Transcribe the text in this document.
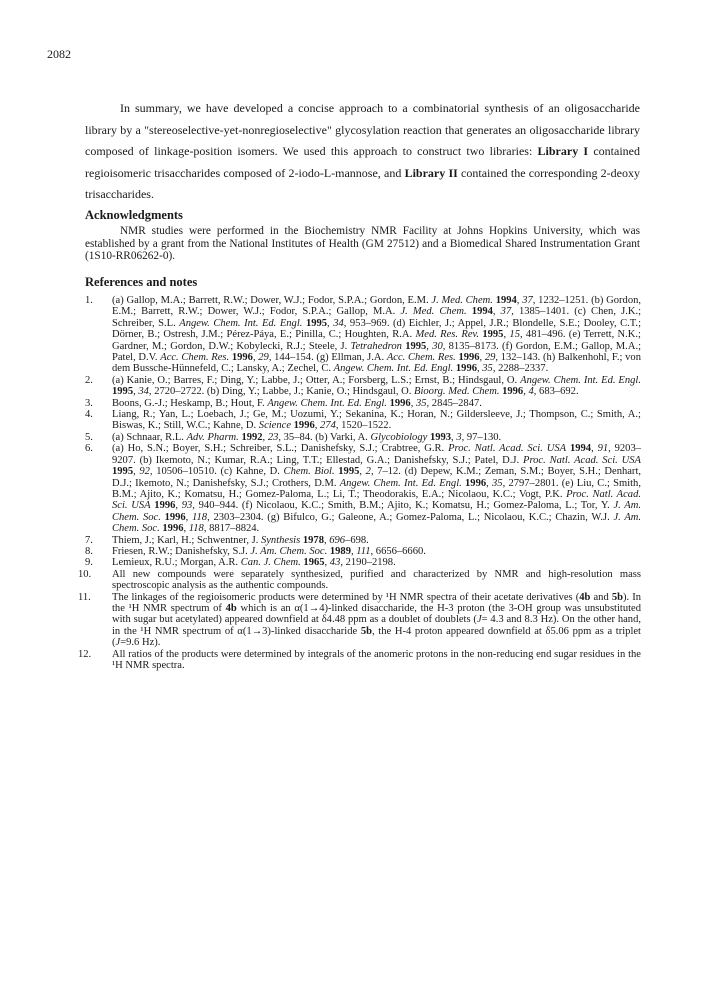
2082

In summary, we have developed a concise approach to a combinatorial synthesis of an oligosaccharide library by a "stereoselective-yet-nonregioselective" glycosylation reaction that generates an oligosaccharide library composed of linkage-position isomers. We used this approach to construct two libraries: Library I contained regioisomeric trisaccharides composed of 2-iodo-L-mannose, and Library II contained the corresponding 2-deoxy trisaccharides.

Acknowledgments

NMR studies were performed in the Biochemistry NMR Facility at Johns Hopkins University, which was established by a grant from the National Institutes of Health (GM 27512) and a Biomedical Shared Instrumentation Grant (1S10-RR06262-0).

References and notes
1. (a) Gallop, M.A.; Barrett, R.W.; Dower, W.J.; Fodor, S.P.A.; Gordon, E.M. J. Med. Chem. 1994, 37, 1232–1251. (b) Gordon, E.M.; Barrett, R.W.; Dower, W.J.; Fodor, S.P.A.; Gallop, M.A. J. Med. Chem. 1994, 37, 1385–1401. (c) Chen, J.K.; Schreiber, S.L. Angew. Chem. Int. Ed. Engl. 1995, 34, 953–969. (d) Eichler, J.; Appel, J.R.; Blondelle, S.E.; Dooley, C.T.; Dörner, B.; Ostresh, J.M.; Pérez-Páya, E.; Pinilla, C.; Houghten, R.A. Med. Res. Rev. 1995, 15, 481–496. (e) Terrett, N.K.; Gardner, M.; Gordon, D.W.; Kobylecki, R.J.; Steele, J. Tetrahedron 1995, 30, 8135–8173. (f) Gordon, E.M.; Gallop, M.A.; Patel, D.V. Acc. Chem. Res. 1996, 29, 144–154. (g) Ellman, J.A. Acc. Chem. Res. 1996, 29, 132–143. (h) Balkenhohl, F.; von dem Bussche-Hünnefeld, C.; Lansky, A.; Zechel, C. Angew. Chem. Int. Ed. Engl. 1996, 35, 2288–2337.
2. (a) Kanie, O.; Barres, F.; Ding, Y.; Labbe, J.; Otter, A.; Forsberg, L.S.; Ernst, B.; Hindsgaul, O. Angew. Chem. Int. Ed. Engl. 1995, 34, 2720–2722. (b) Ding, Y.; Labbe, J.; Kanie, O.; Hindsgaul, O. Bioorg. Med. Chem. 1996, 4, 683–692.
3. Boons, G.-J.; Heskamp, B.; Hout, F. Angew. Chem. Int. Ed. Engl. 1996, 35, 2845–2847.
4. Liang, R.; Yan, L.; Loebach, J.; Ge, M.; Uozumi, Y.; Sekanina, K.; Horan, N.; Gildersleeve, J.; Thompson, C.; Smith, A.; Biswas, K.; Still, W.C.; Kahne, D. Science 1996, 274, 1520–1522.
5. (a) Schnaar, R.L. Adv. Pharm. 1992, 23, 35–84. (b) Varki, A. Glycobiology 1993, 3, 97–130.
6. (a) Ho, S.N.; Boyer, S.H.; Schreiber, S.L.; Danishefsky, S.J.; Crabtree, G.R. Proc. Natl. Acad. Sci. USA 1994, 91, 9203–9207. (b) Ikemoto, N.; Kumar, R.A.; Ling, T.T.; Ellestad, G.A.; Danishefsky, S.J.; Patel, D.J. Proc. Natl. Acad. Sci. USA 1995, 92, 10506–10510. (c) Kahne, D. Chem. Biol. 1995, 2, 7–12. (d) Depew, K.M.; Zeman, S.M.; Boyer, S.H.; Denhart, D.J.; Ikemoto, N.; Danishefsky, S.J.; Crothers, D.M. Angew. Chem. Int. Ed. Engl. 1996, 35, 2797–2801. (e) Liu, C.; Smith, B.M.; Ajito, K.; Komatsu, H.; Gomez-Paloma, L.; Li, T.; Theodorakis, E.A.; Nicolaou, K.C.; Vogt, P.K. Proc. Natl. Acad. Sci. USA 1996, 93, 940–944. (f) Nicolaou, K.C.; Smith, B.M.; Ajito, K.; Komatsu, H.; Gomez-Paloma, L.; Tor, Y. J. Am. Chem. Soc. 1996, 118, 2303–2304. (g) Bifulco, G.; Galeone, A.; Gomez-Paloma, L.; Nicolaou, K.C.; Chazin, W.J. J. Am. Chem. Soc. 1996, 118, 8817–8824.
7. Thiem, J.; Karl, H.; Schwentner, J. Synthesis 1978, 696–698.
8. Friesen, R.W.; Danishefsky, S.J. J. Am. Chem. Soc. 1989, 111, 6656–6660.
9. Lemieux, R.U.; Morgan, A.R. Can. J. Chem. 1965, 43, 2190–2198.
10. All new compounds were separately synthesized, purified and characterized by NMR and high-resolution mass spectroscopic analysis as the authentic compounds.
11. The linkages of the regioisomeric products were determined by ¹H NMR spectra of their acetate derivatives (4b and 5b). In the ¹H NMR spectrum of 4b which is an α(1→4)-linked disaccharide, the H-3 proton (the 3-OH group was unsubstituted with sugar but acetylated) appeared downfield at δ4.48 ppm as a doublet of doublets (J= 4.3 and 8.3 Hz). On the other hand, in the ¹H NMR spectrum of α(1→3)-linked disaccharide 5b, the H-4 proton appeared downfield at δ5.06 ppm as a triplet (J=9.6 Hz).
12. All ratios of the products were determined by integrals of the anomeric protons in the non-reducing end sugar residues in the ¹H NMR spectra.
